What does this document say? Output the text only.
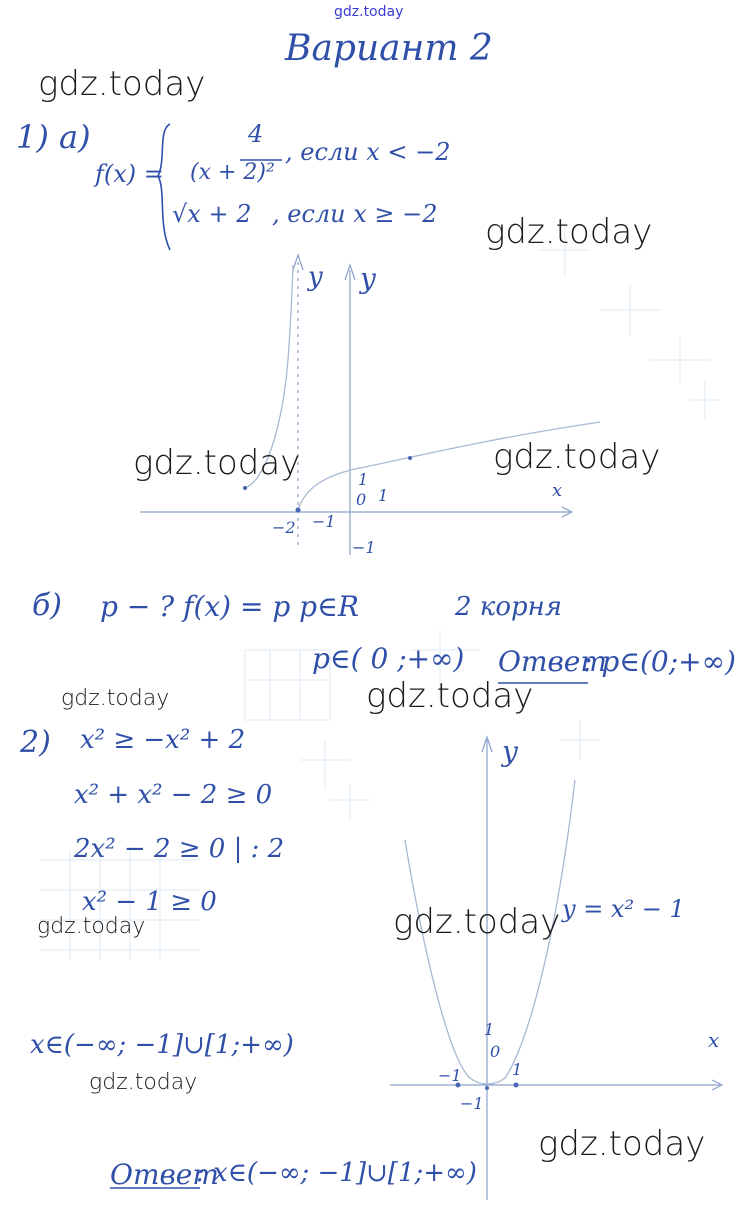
gdz.today
Вариант 2
1) а)
f(x) =
4
(x + 2)²
, если x < −2
√x + 2 , если x ≥ −2
y y
x
−2 −1
1
0
1
−1
б) p − ? f(x) = p p∈R	2 корня
p∈( 0 ;+∞) Ответ
: p∈(0;+∞)
2) x² ≥ −x² + 2
x² + x² − 2 ≥ 0
2x² − 2 ≥ 0 | : 2
x² − 1 ≥ 0
x∈(−∞; −1]∪[1;+∞)
y
x
y = x² − 1
1
0
−1	1
−1
Ответ
: x∈(−∞; −1]∪[1;+∞)
gdz.today
gdz.today
gdz.today	gdz.today
gdz.today	gdz.today
gdz.today	gdz.today
gdz.today
gdz.today
